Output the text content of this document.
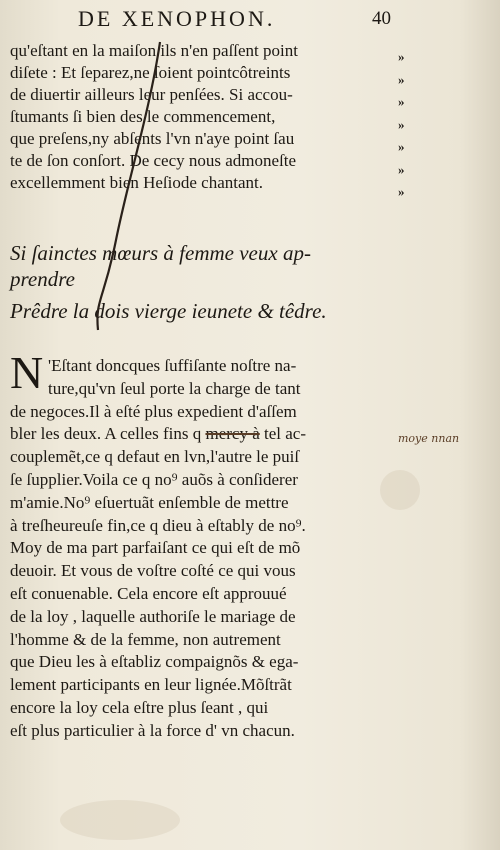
DE XENOPHON.	40
qu'eſtant en la maiſon ils n'en paſſent point
diſete : Et ſeparez,ne ſoient pointcôtreints
de diuertir ailleurs leur penſées. Si accou-
ſtumants ſi bien des le commencement,
que preſens,ny abſents l'vn n'aye point ſau
te de ſon conſort. De cecy nous admoneſte
excellemment bien Heſiode chantant.
»
»
»
»
»
»
»
Si ſainctes mœurs à femme veux ap-
prendre
Prêdre la dois vierge ieunete & têdre.
N 'Eſtant doncques ſuffiſante noſtre na-
ture,qu'vn ſeul porte la charge de tant
de negoces.Il à eſté plus expedient d'aſſem
bler les deux. A celles fins q mercy à tel ac-
couplemẽt,ce q defaut en lvn,l'autre le puiſ
ſe ſupplier.Voila ce q no⁹ auõs à conſiderer
m'amie.No⁹ eſuertuãt enſemble de mettre
à treſheureuſe fin,ce q dieu à eſtably de no⁹.
Moy de ma part parfaiſant ce qui eſt de mõ
deuoir. Et vous de voſtre coſté ce qui vous
eſt conuenable. Cela encore eſt approuué
de la loy , laquelle authoriſe le mariage de
l'homme & de la femme, non autrement
que Dieu les à eſtabliz compaignõs & ega-
lement participants en leur lignée.Mõſtrãt
encore la loy cela eſtre plus ſeant , qui
eſt plus particulier à la force d' vn chacun.
moye nnan
